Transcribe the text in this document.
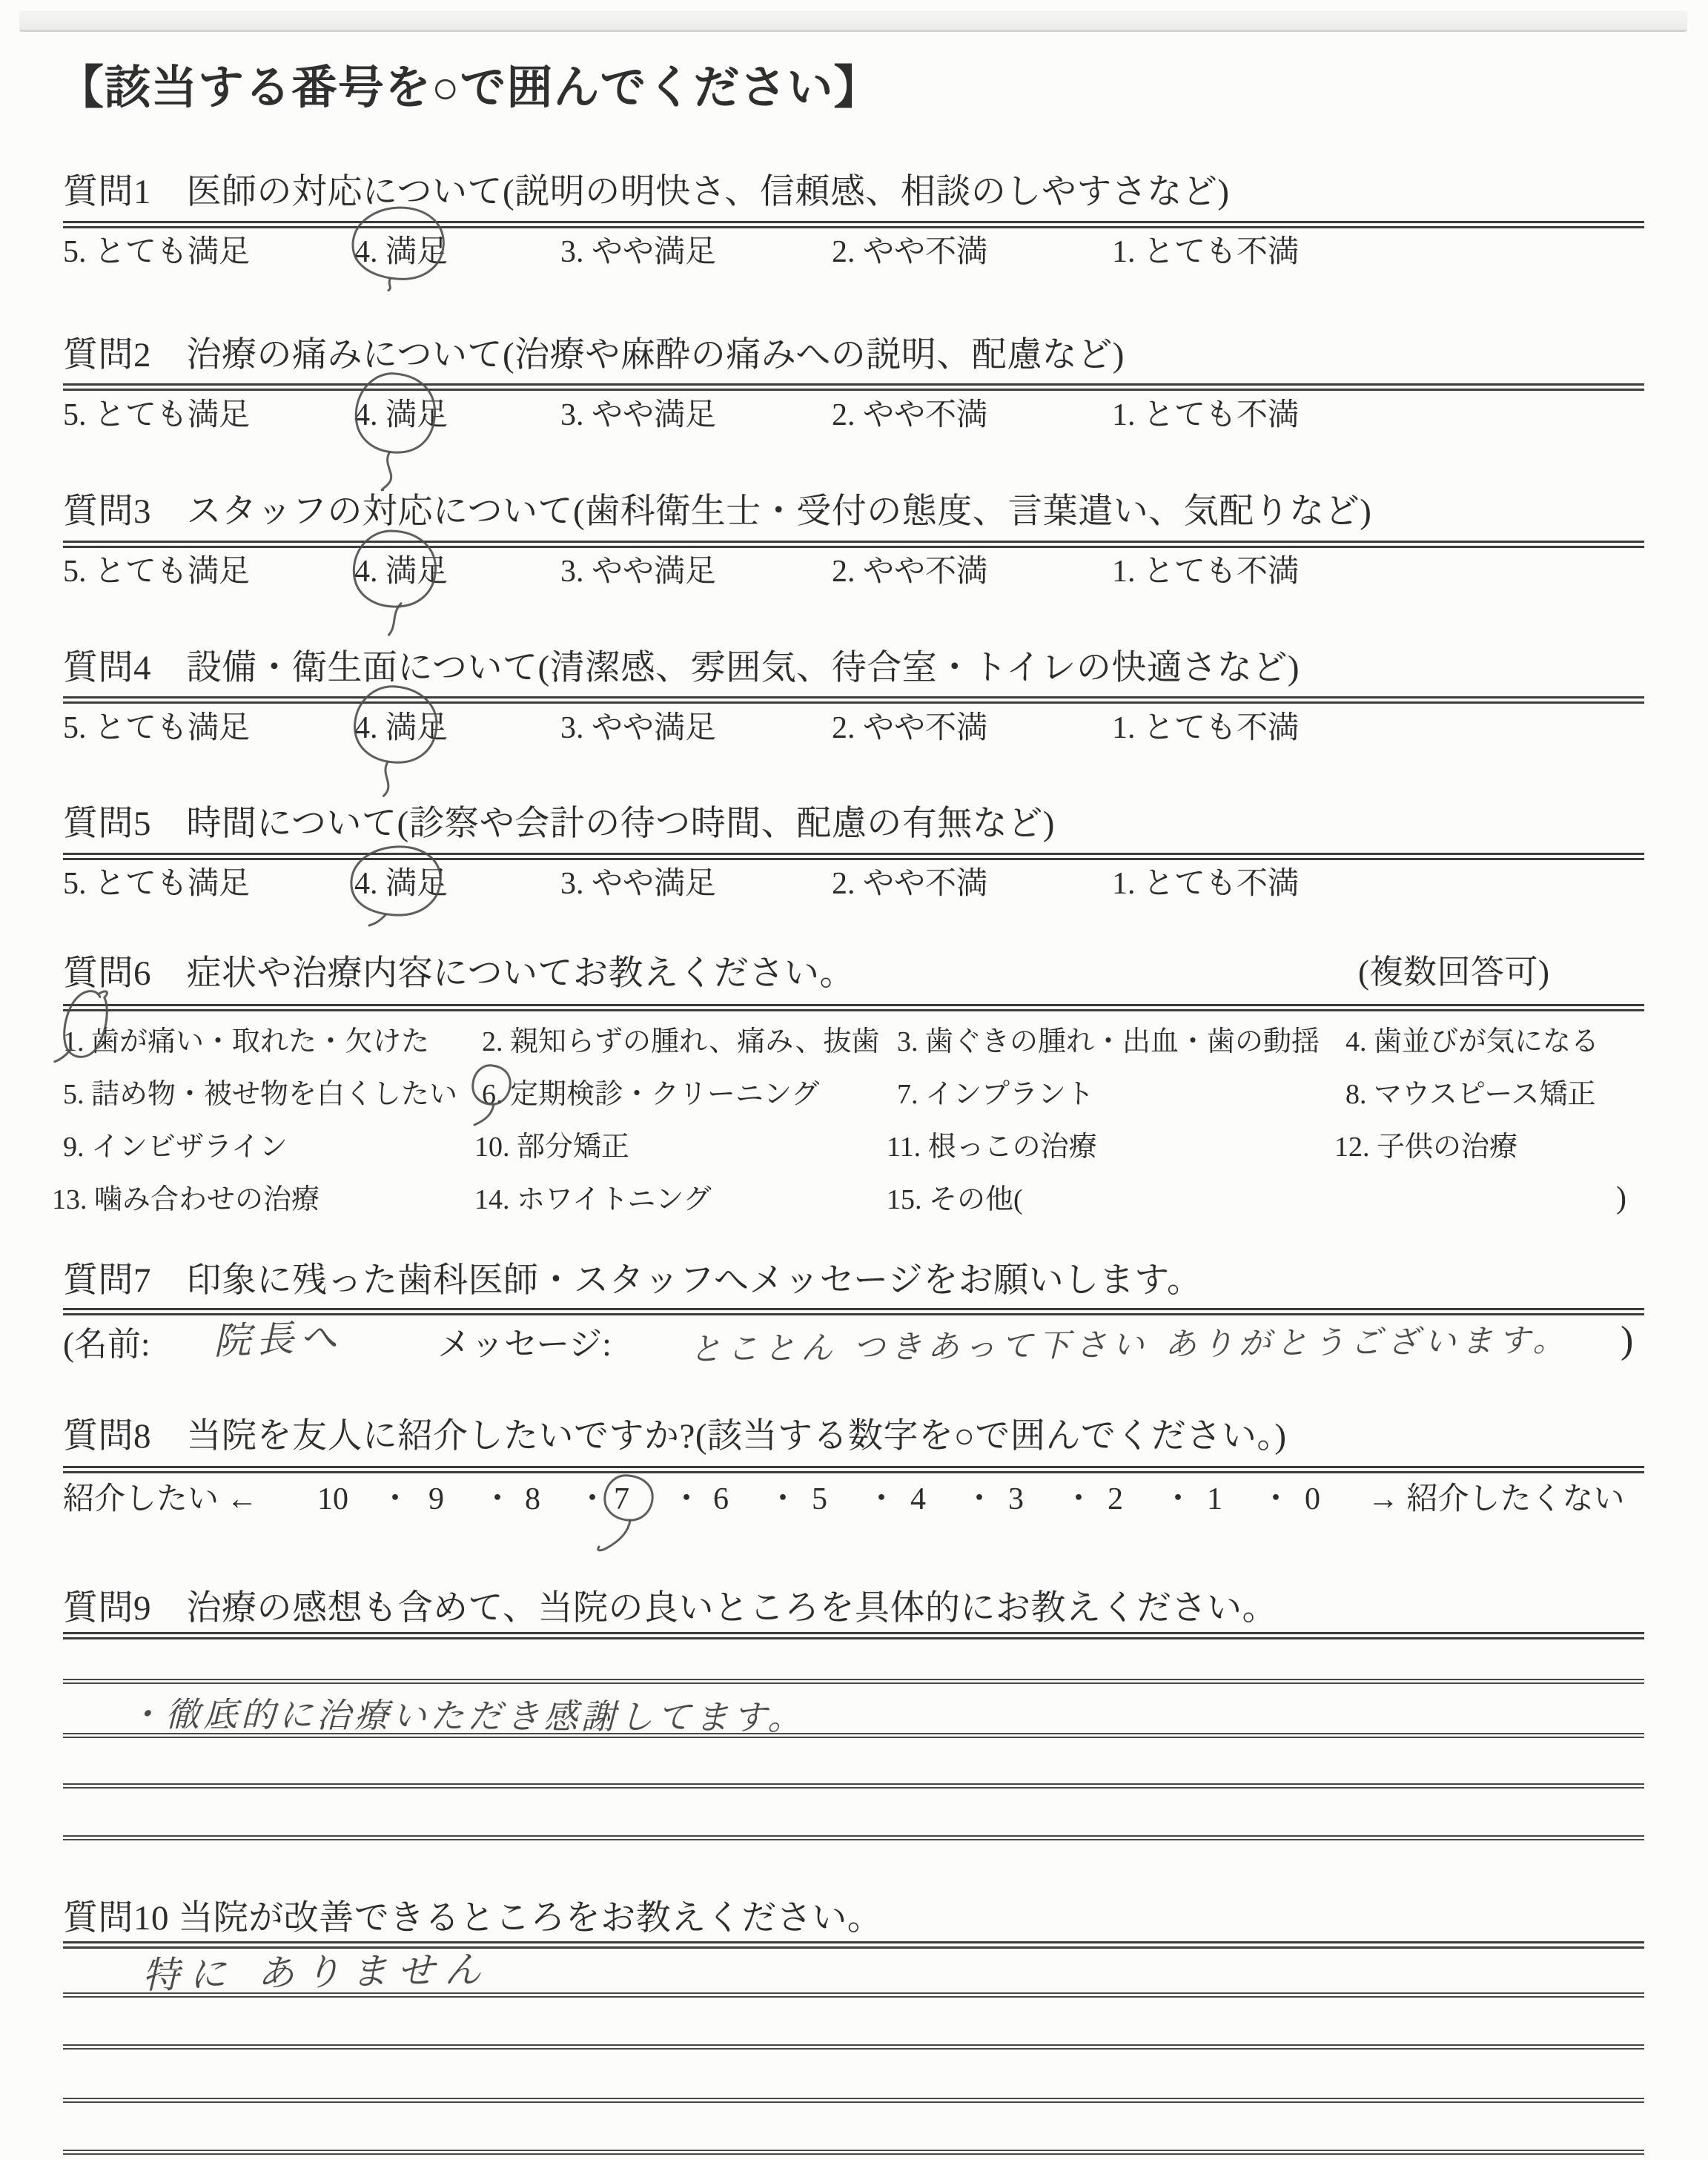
【該当する番号を○で囲んでください】
質問1　医師の対応について(説明の明快さ、信頼感、相談のしやすさなど)
5. とても満足	4. 満足	3. やや満足	2. やや不満	1. とても不満
質問2　治療の痛みについて(治療や麻酔の痛みへの説明、配慮など)
5. とても満足	4. 満足	3. やや満足	2. やや不満	1. とても不満
質問3　スタッフの対応について(歯科衛生士・受付の態度、言葉遣い、気配りなど)
5. とても満足	4. 満足	3. やや満足	2. やや不満	1. とても不満
質問4　設備・衛生面について(清潔感、雰囲気、待合室・トイレの快適さなど)
5. とても満足	4. 満足	3. やや満足	2. やや不満	1. とても不満
質問5　時間について(診察や会計の待つ時間、配慮の有無など)
5. とても満足	4. 満足	3. やや満足	2. やや不満	1. とても不満
質問6　症状や治療内容についてお教えください。	(複数回答可)
1. 歯が痛い・取れた・欠けた 2. 親知らずの腫れ、痛み、抜歯 3. 歯ぐきの腫れ・出血・歯の動揺 4. 歯並びが気になる
5. 詰め物・被せ物を白くしたい 6. 定期検診・クリーニング	7. インプラント	8. マウスピース矯正
9. インビザライン	10. 部分矯正	11. 根っこの治療	12. 子供の治療
13. 噛み合わせの治療	14. ホワイトニング	15. その他(	)
質問7　印象に残った歯科医師・スタッフへメッセージをお願いします。
(名前: 院長へ	メッセージ: とことん つきあって下さい ありがとうございます。 )
質問8　当院を友人に紹介したいですか?(該当する数字を○で囲んでください。)
紹介したい ← 10 ・ 9 ・ 8 ・ 7 ・ 6 ・ 5 ・ 4 ・ 3 ・ 2 ・ 1 ・ 0 → 紹介したくない
質問9　治療の感想も含めて、当院の良いところを具体的にお教えください。
・徹底的に治療いただき感謝してます。
質問10 当院が改善できるところをお教えください。
特に ありません
